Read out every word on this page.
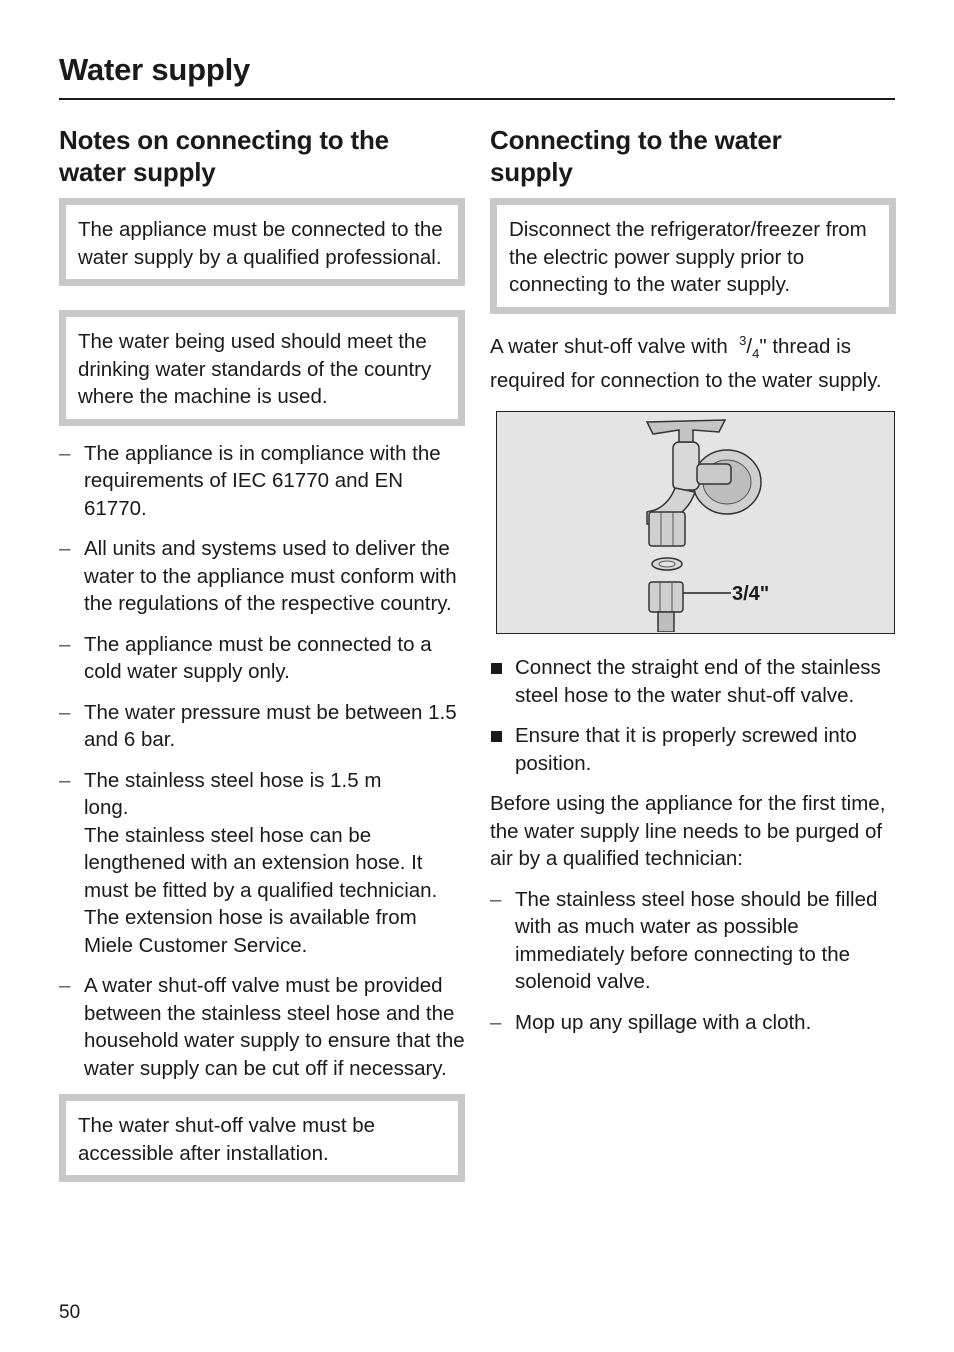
Water supply
Notes on connecting to the water supply
The appliance must be connected to the water supply by a qualified professional.
The water being used should meet the drinking water standards of the country where the machine is used.
– The appliance is in compliance with the requirements of IEC 61770 and EN 61770.
– All units and systems used to deliver the water to the appliance must conform with the regulations of the respective country.
– The appliance must be connected to a cold water supply only.
– The water pressure must be between 1.5 and 6 bar.
– The stainless steel hose is 1.5 m long.
The stainless steel hose can be lengthened with an extension hose. It must be fitted by a qualified technician.
The extension hose is available from Miele Customer Service.
– A water shut-off valve must be provided between the stainless steel hose and the household water supply to ensure that the water supply can be cut off if necessary.
The water shut-off valve must be accessible after installation.
Connecting to the water supply
Disconnect the refrigerator/freezer from the electric power supply prior to connecting to the water supply.

A water shut-off valve with  $^3/_4$" thread is required for connection to the water supply.

3/4"
Connect the straight end of the stainless steel hose to the water shut-off valve.
Ensure that it is properly screwed into position.

Before using the appliance for the first time, the water supply line needs to be purged of air by a qualified technician:

– The stainless steel hose should be filled with as much water as possible immediately before connecting to the solenoid valve.
– Mop up any spillage with a cloth.
50
